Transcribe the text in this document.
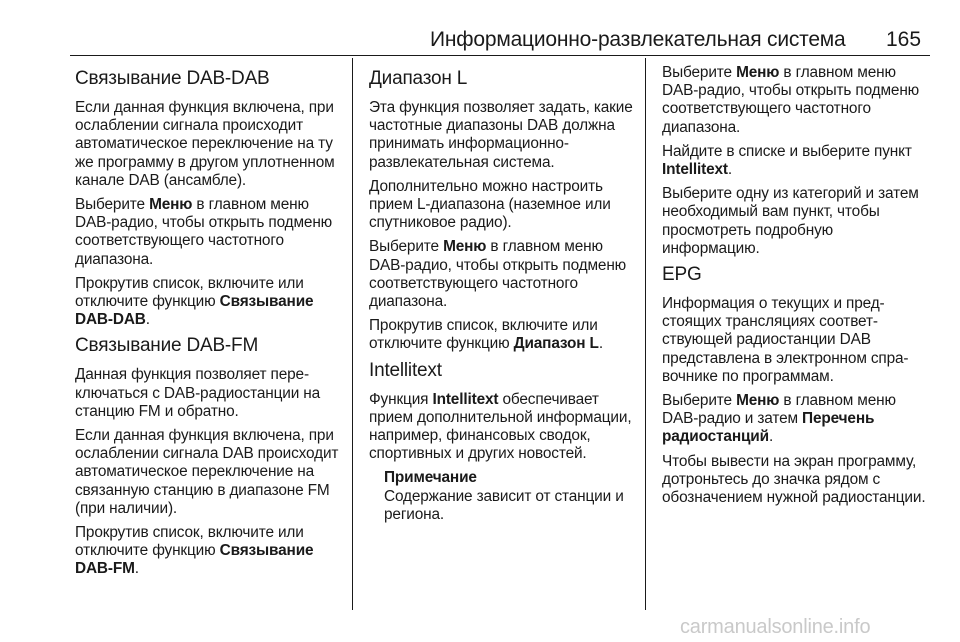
Информационно-развлекательная система 165
Связывание DAB-DAB

Если данная функция включена, при ослаблении сигнала происходит автоматическое переключение на ту же программу в другом уплотненном канале DAB (ансамбле).

Выберите Меню в главном меню DAB-радио, чтобы открыть подменю соответствующего частотного диапазона.

Прокрутив список, включите или отключите функцию Связывание DAB-DAB.

Связывание DAB-FM

Данная функция позволяет переключаться с DAB-радиостанции на станцию FM и обратно.

Если данная функция включена, при ослаблении сигнала DAB происходит автоматическое переключение на связанную станцию в диапазоне FM (при наличии).

Прокрутив список, включите или отключите функцию Связывание DAB-FM.

Диапазон L

Эта функция позволяет задать, какие частотные диапазоны DAB должна принимать информационно-развлекательная система.

Дополнительно можно настроить прием L-диапазона (наземное или спутниковое радио).

Выберите Меню в главном меню DAB-радио, чтобы открыть подменю соответствующего частотного диапазона.

Прокрутив список, включите или отключите функцию Диапазон L.

Intellitext

Функция Intellitext обеспечивает прием дополнительной информации, например, финансовых сводок, спортивных и других новостей.

Примечание

Содержание зависит от станции и региона.

Выберите Меню в главном меню DAB-радио, чтобы открыть подменю соответствующего частотного диапазона.

Найдите в списке и выберите пункт Intellitext.

Выберите одну из категорий и затем необходимый вам пункт, чтобы просмотреть подробную информацию.

EPG

Информация о текущих и предстоящих трансляциях соответствующей радиостанции DAB представлена в электронном справочнике по программам.

Выберите Меню в главном меню DAB-радио и затем Перечень радиостанций.

Чтобы вывести на экран программу, дотроньтесь до значка рядом с обозначением нужной радиостанции.

carmanualsonline.info
